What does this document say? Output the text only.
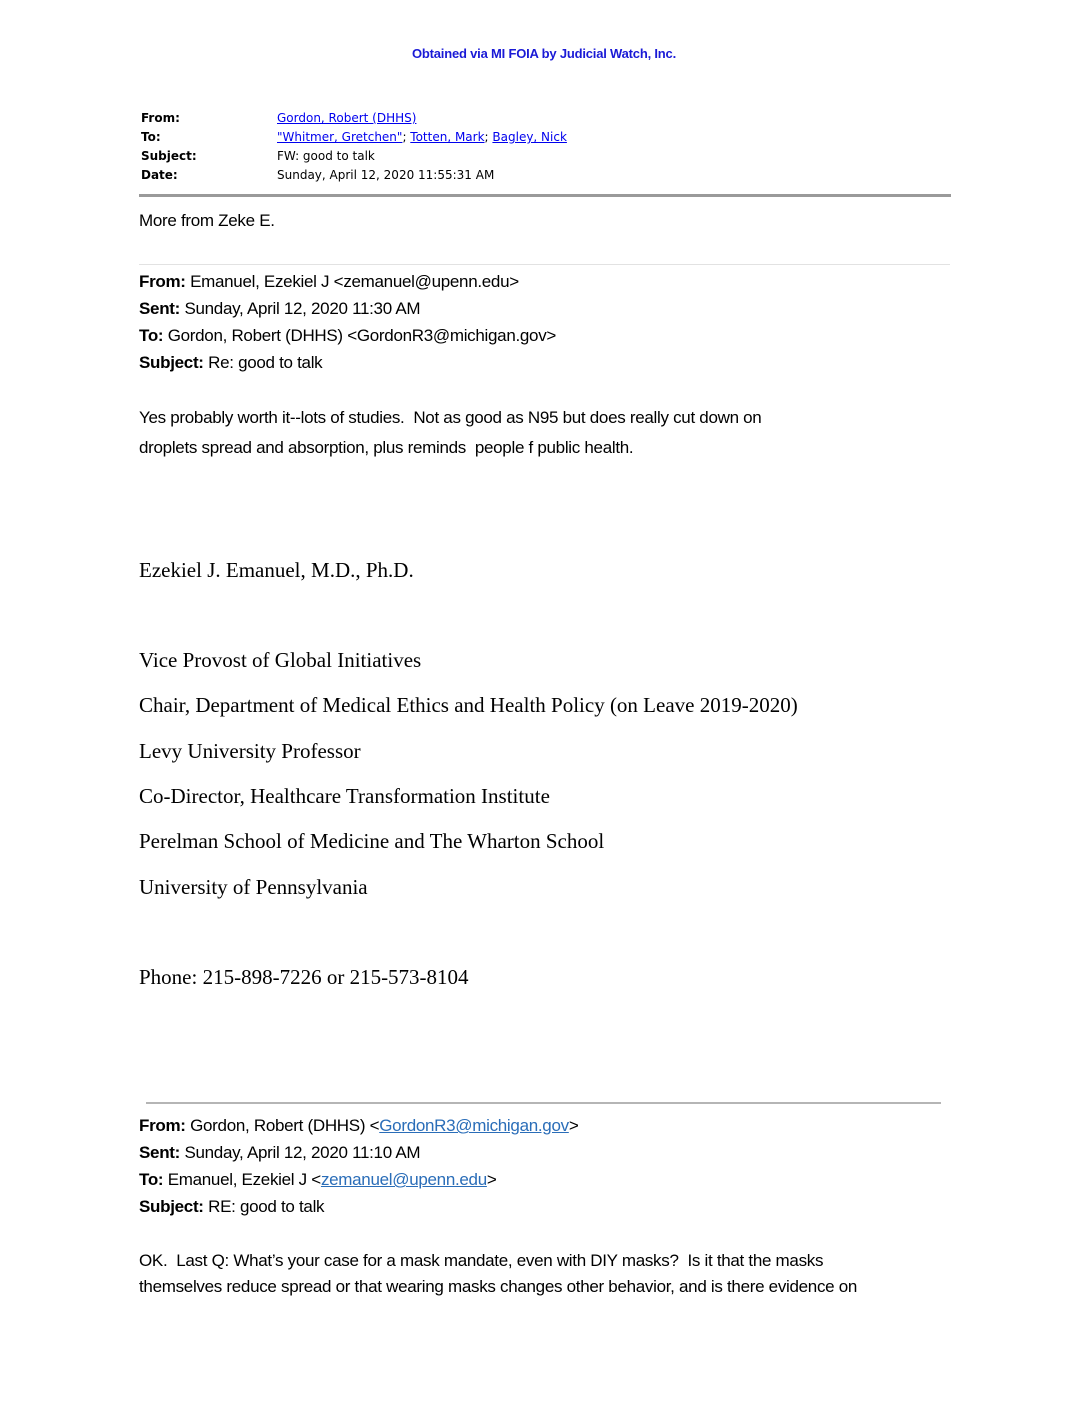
Obtained via MI FOIA by Judicial Watch, Inc.
From:	Gordon, Robert (DHHS)
To:	"Whitmer, Gretchen"; Totten, Mark; Bagley, Nick
Subject:	FW: good to talk
Date:	Sunday, April 12, 2020 11:55:31 AM
More from Zeke E.
From: Emanuel, Ezekiel J <zemanuel@upenn.edu>
Sent: Sunday, April 12, 2020 11:30 AM
To: Gordon, Robert (DHHS) <GordonR3@michigan.gov>
Subject: Re: good to talk
Yes probably worth it--lots of studies.  Not as good as N95 but does really cut down on
droplets spread and absorption, plus reminds  people f public health.
Ezekiel J. Emanuel, M.D., Ph.D.
Vice Provost of Global Initiatives
Chair, Department of Medical Ethics and Health Policy (on Leave 2019-2020)
Levy University Professor
Co-Director, Healthcare Transformation Institute
Perelman School of Medicine and The Wharton School
University of Pennsylvania
Phone: 215-898-7226 or 215-573-8104
From: Gordon, Robert (DHHS) <GordonR3@michigan.gov>
Sent: Sunday, April 12, 2020 11:10 AM
To: Emanuel, Ezekiel J <zemanuel@upenn.edu>
Subject: RE: good to talk
OK.  Last Q: What’s your case for a mask mandate, even with DIY masks?  Is it that the masks
themselves reduce spread or that wearing masks changes other behavior, and is there evidence on
